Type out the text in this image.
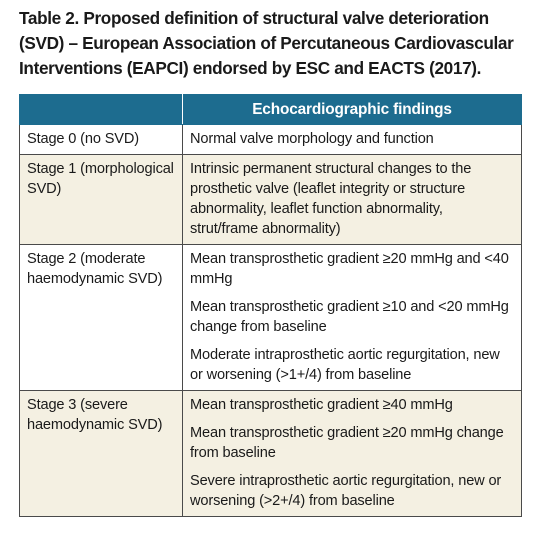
Table 2. Proposed definition of structural valve deterioration (SVD) – European Association of Percutaneous Cardiovascular Interventions (EAPCI) endorsed by ESC and EACTS (2017).
	Echocardiographic findings
Stage 0 (no SVD)	Normal valve morphology and function

Stage 1 (morphological SVD)	Intrinsic permanent structural changes to the prosthetic valve (leaflet integrity or structure abnormality, leaflet function abnormality, strut/frame abnormality)

Stage 2 (moderate haemodynamic SVD)	Mean transprosthetic gradient ≥20 mmHg and <40 mmHg
Mean transprosthetic gradient ≥10 and <20 mmHg change from baseline
Moderate intraprosthetic aortic regurgitation, new or worsening (>1+/4) from baseline

Stage 3 (severe haemodynamic SVD)	Mean transprosthetic gradient ≥40 mmHg
Mean transprosthetic gradient ≥20 mmHg change from baseline
Severe intraprosthetic aortic regurgitation, new or worsening (>2+/4) from baseline
